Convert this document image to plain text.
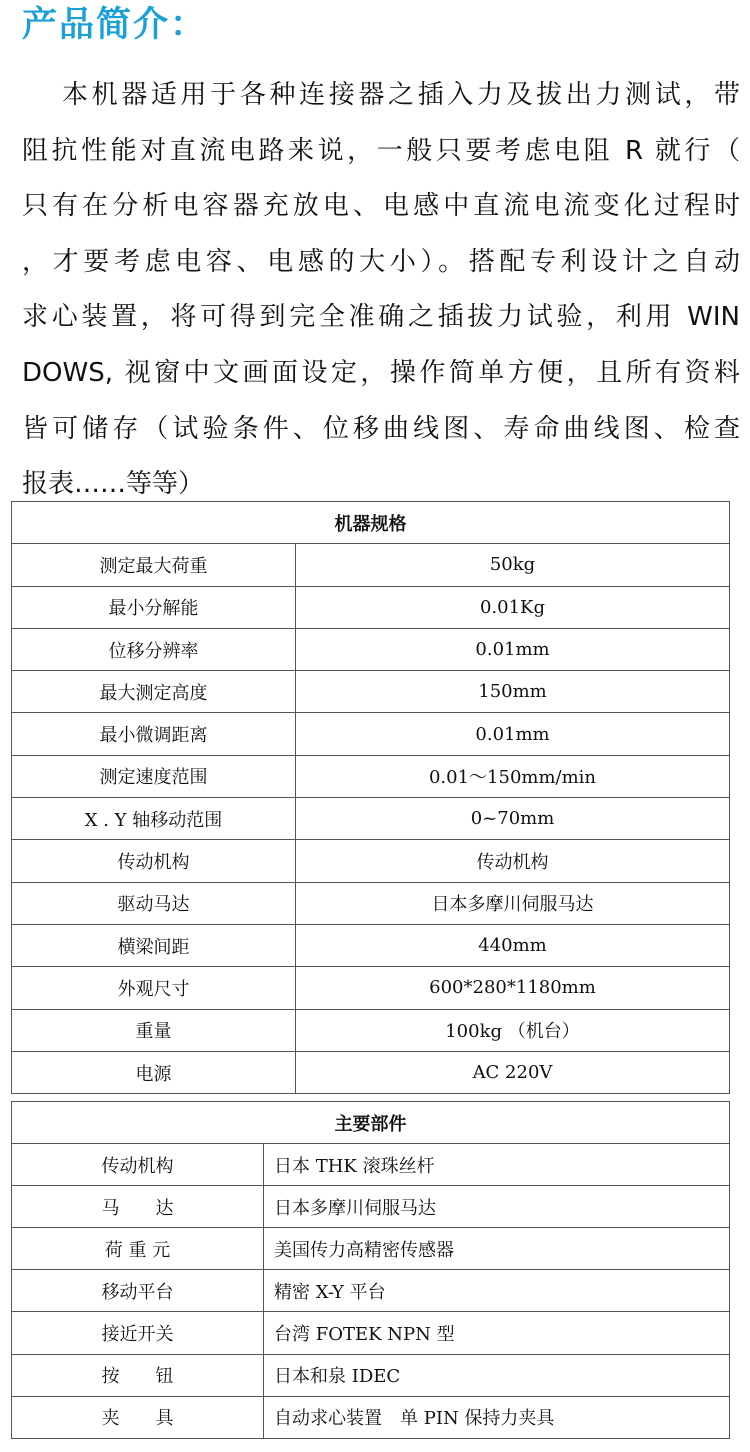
产品简介：
本机器适用于各种连接器之插入力及拔出力测试，带
阻抗性能对直流电路来说，一般只要考虑电阻 R 就行（
只有在分析电容器充放电、电感中直流电流变化过程时
，才要考虑电容、电感的大小）。搭配专利设计之自动
求心装置，将可得到完全准确之插拔力试验，利用 WIN
DOWS, 视窗中文画面设定，操作简单方便，且所有资料
皆可储存（试验条件、位移曲线图、寿命曲线图、检查
报表……等等）
机器规格	
测定最大荷重	50kg
最小分解能	0.01Kg
位移分辨率	0.01mm
最大测定高度	150mm
最小微调距离	0.01mm
测定速度范围	0.01～150mm/min
X . Y 轴移动范围	0~70mm
传动机构	传动机构
驱动马达	日本多摩川伺服马达
横梁间距	440mm
外观尺寸	600*280*1180mm
重量	100kg （机台）
电源	AC 220V
主要部件	
传动机构	日本 THK 滚珠丝杆
马　　达	日本多摩川伺服马达
荷 重 元	美国传力高精密传感器
移动平台	精密 X-Y 平台
接近开关	台湾 FOTEK NPN 型
按　　钮	日本和泉 IDEC
夹　　具	自动求心装置　单 PIN 保持力夹具
